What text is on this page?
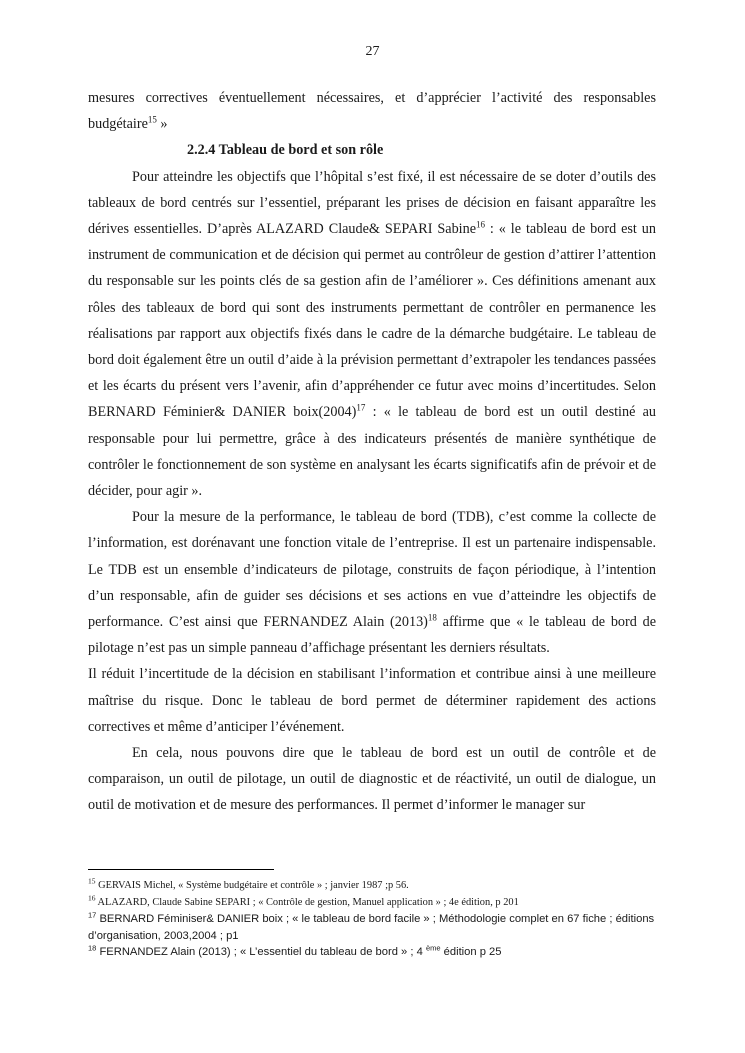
27

mesures correctives éventuellement nécessaires, et d’apprécier l’activité des responsables budgétaire$^{15}$ »

2.2.4 Tableau de bord et son rôle

Pour atteindre les objectifs que l’hôpital s’est fixé, il est nécessaire de se doter d’outils des tableaux de bord centrés sur l’essentiel, préparant les prises de décision en faisant apparaître les dérives essentielles. D’après ALAZARD Claude& SEPARI Sabine$^{16}$ : « le tableau de bord est un instrument de communication et de décision qui permet au contrôleur de gestion d’attirer l’attention du responsable sur les points clés de sa gestion afin de l’améliorer ». Ces définitions amenant aux rôles des tableaux de bord qui sont des instruments permettant de contrôler en permanence les réalisations par rapport aux objectifs fixés dans le cadre de la démarche budgétaire. Le tableau de bord doit également être un outil d’aide à la prévision permettant d’extrapoler les tendances passées et les écarts du présent vers l’avenir, afin d’appréhender ce futur avec moins d’incertitudes. Selon BERNARD Féminier& DANIER $boix(2004)^{17}$ : « le tableau de bord est un outil destiné au responsable pour lui permettre, grâce à des indicateurs présentés de manière synthétique de contrôler le fonctionnement de son système en analysant les écarts significatifs afin de prévoir et de décider, pour agir ».

Pour la mesure de la performance, le tableau de bord (TDB), c’est comme la collecte de l’information, est dorénavant une fonction vitale de l’entreprise. Il est un partenaire indispensable. Le TDB est un ensemble d’indicateurs de pilotage, construits de façon périodique, à l’intention d’un responsable, afin de guider ses décisions et ses actions en vue d’atteindre les objectifs de performance. C’est ainsi que FERNANDEZ Alain $(2013)^{18}$ affirme que « le tableau de bord de pilotage n’est pas un simple panneau d’affichage présentant les derniers résultats.

Il réduit l’incertitude de la décision en stabilisant l’information et contribue ainsi à une meilleure maîtrise du risque. Donc le tableau de bord permet de déterminer rapidement des actions correctives et même d’anticiper l’événement.

En cela, nous pouvons dire que le tableau de bord est un outil de contrôle et de comparaison, un outil de pilotage, un outil de diagnostic et de réactivité, un outil de dialogue, un outil de motivation et de mesure des performances. Il permet d’informer le manager sur

$^{15}$ GERVAIS Michel, « Système budgétaire et contrôle » ; janvier 1987 ;p 56.

$^{16}$ ALAZARD, Claude Sabine SEPARI ; « Contrôle de gestion, Manuel application » ; 4e édition, p 201

$^{17}$ BERNARD Féminiser& DANIER boix ; « le tableau de bord facile » ; Méthodologie complet en 67 fiche ; éditions d’organisation, 2003,2004 ; p1

$^{18}$ FERNANDEZ Alain (2013) ; « L’essentiel du tableau de bord » ; 4 $^{ème}$ édition p 25
